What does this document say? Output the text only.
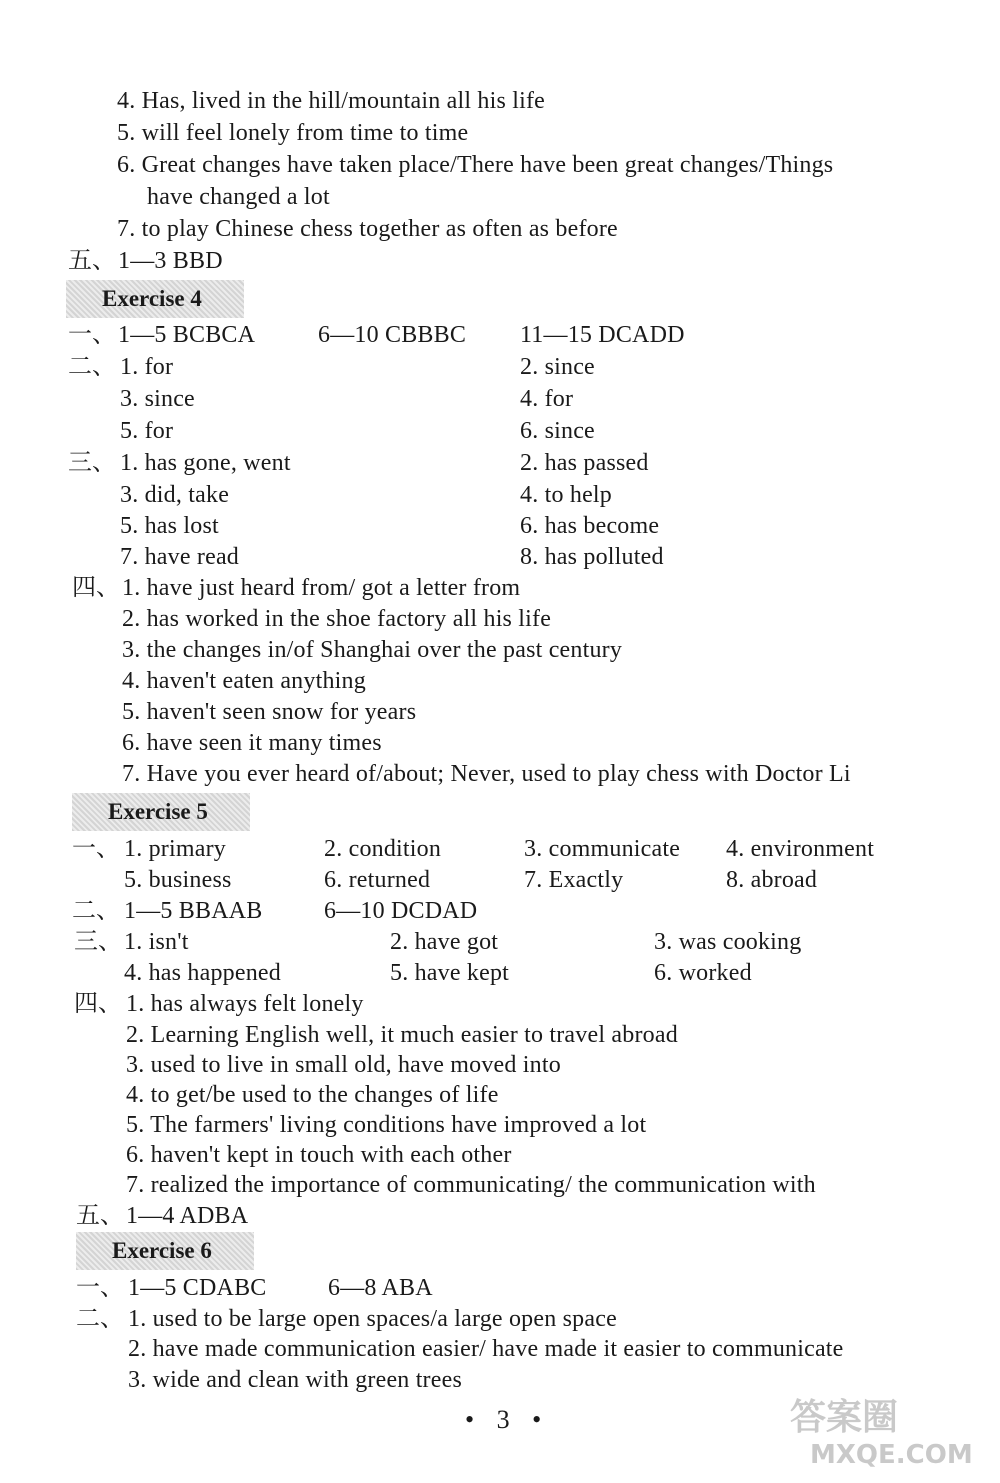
4. Has, lived in the hill/mountain all his life
5. will feel lonely from time to time
6. Great changes have taken place/There have been great changes/Things
have changed a lot
7. to play Chinese chess together as often as before
五、 1—3 BBD
Exercise 4
一、 1—5 BCBCA	6—10 CBBBC 11—15 DCADD
二、 1. for	2. since
3. since	4. for
5. for	6. since
三、 1. has gone, went	2. has passed
3. did, take	4. to help
5. has lost	6. has become
7. have read	8. has polluted
四、 1. have just heard from/ got a letter from
2. has worked in the shoe factory all his life
3. the changes in/of Shanghai over the past century
4. haven't eaten anything
5. haven't seen snow for years
6. have seen it many times
7. Have you ever heard of/about; Never, used to play chess with Doctor Li
Exercise 5
一、 1. primary	2. condition	3. communicate 4. environment
5. business	6. returned	7. Exactly	8. abroad
二、 1—5 BBAAB	6—10 DCDAD
三、 1. isn't	2. have got	3. was cooking
4. has happened	5. have kept	6. worked
四、 1. has always felt lonely
2. Learning English well, it much easier to travel abroad
3. used to live in small old, have moved into
4. to get/be used to the changes of life
5. The farmers' living conditions have improved a lot
6. haven't kept in touch with each other
7. realized the importance of communicating/ the communication with
五、 1—4 ADBA
Exercise 6
一、 1—5 CDABC	6—8 ABA
二、 1. used to be large open spaces/a large open space
2. have made communication easier/ have made it easier to communicate
3. wide and clean with green trees
• 3 •	答案圈
MXQE.COM
